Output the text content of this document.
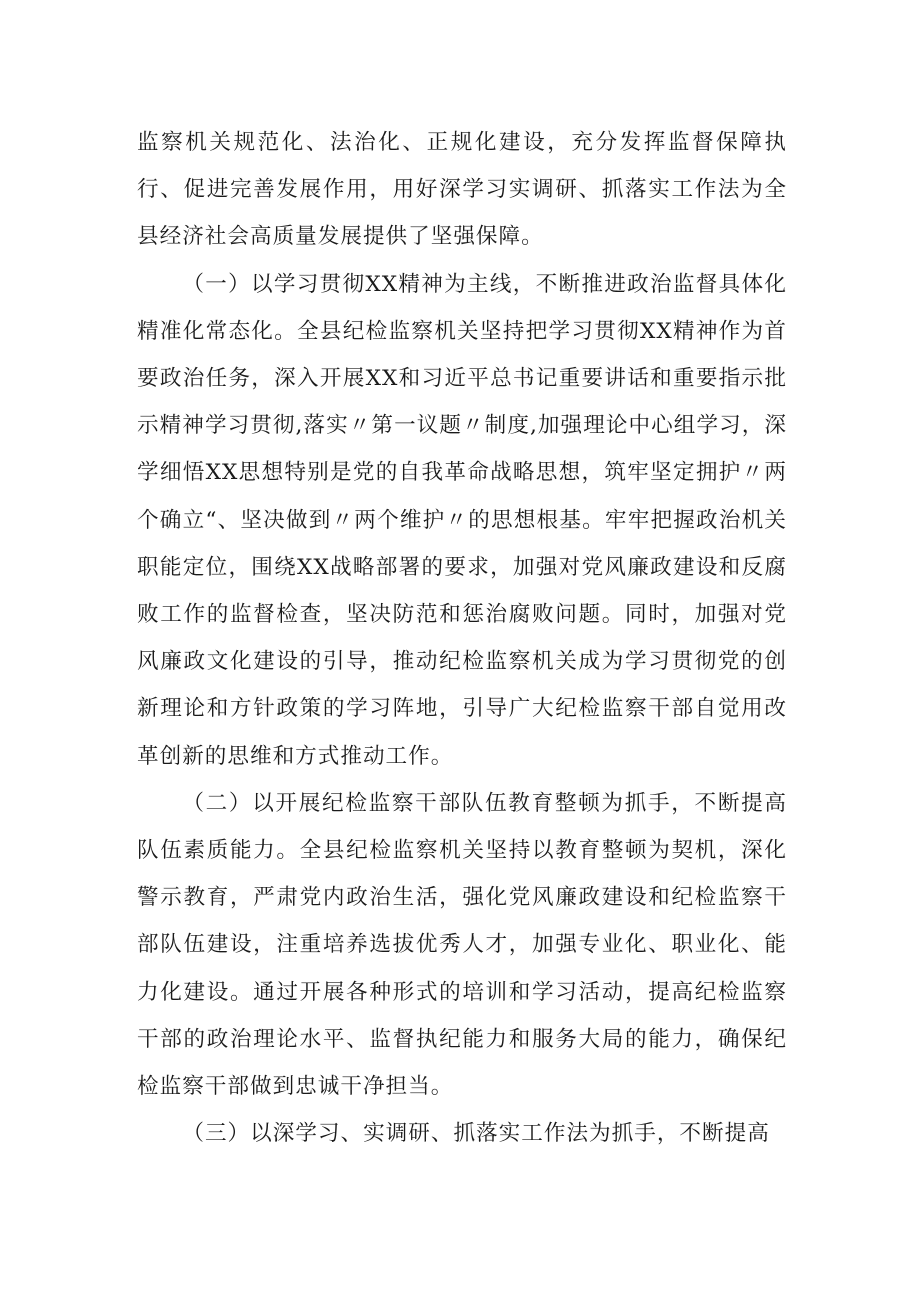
监察机关规范化、法治化、正规化建设，充分发挥监督保障执行、促进完善发展作用，用好深学习实调研、抓落实工作法为全县经济社会高质量发展提供了坚强保障。

（一）以学习贯彻XX精神为主线，不断推进政治监督具体化精准化常态化。全县纪检监察机关坚持把学习贯彻XX精神作为首要政治任务，深入开展XX和习近平总书记重要讲话和重要指示批示精神学习贯彻,落实〃第一议题〃制度,加强理论中心组学习，深学细悟XX思想特别是党的自我革命战略思想，筑牢坚定拥护〃两个确立“、坚决做到〃两个维护〃的思想根基。牢牢把握政治机关职能定位，围绕XX战略部署的要求，加强对党风廉政建设和反腐败工作的监督检查，坚决防范和惩治腐败问题。同时，加强对党风廉政文化建设的引导，推动纪检监察机关成为学习贯彻党的创新理论和方针政策的学习阵地，引导广大纪检监察干部自觉用改革创新的思维和方式推动工作。

（二）以开展纪检监察干部队伍教育整顿为抓手，不断提高队伍素质能力。全县纪检监察机关坚持以教育整顿为契机，深化警示教育，严肃党内政治生活，强化党风廉政建设和纪检监察干部队伍建设，注重培养选拔优秀人才，加强专业化、职业化、能力化建设。通过开展各种形式的培训和学习活动，提高纪检监察干部的政治理论水平、监督执纪能力和服务大局的能力，确保纪检监察干部做到忠诚干净担当。

（三）以深学习、实调研、抓落实工作法为抓手，不断提高
